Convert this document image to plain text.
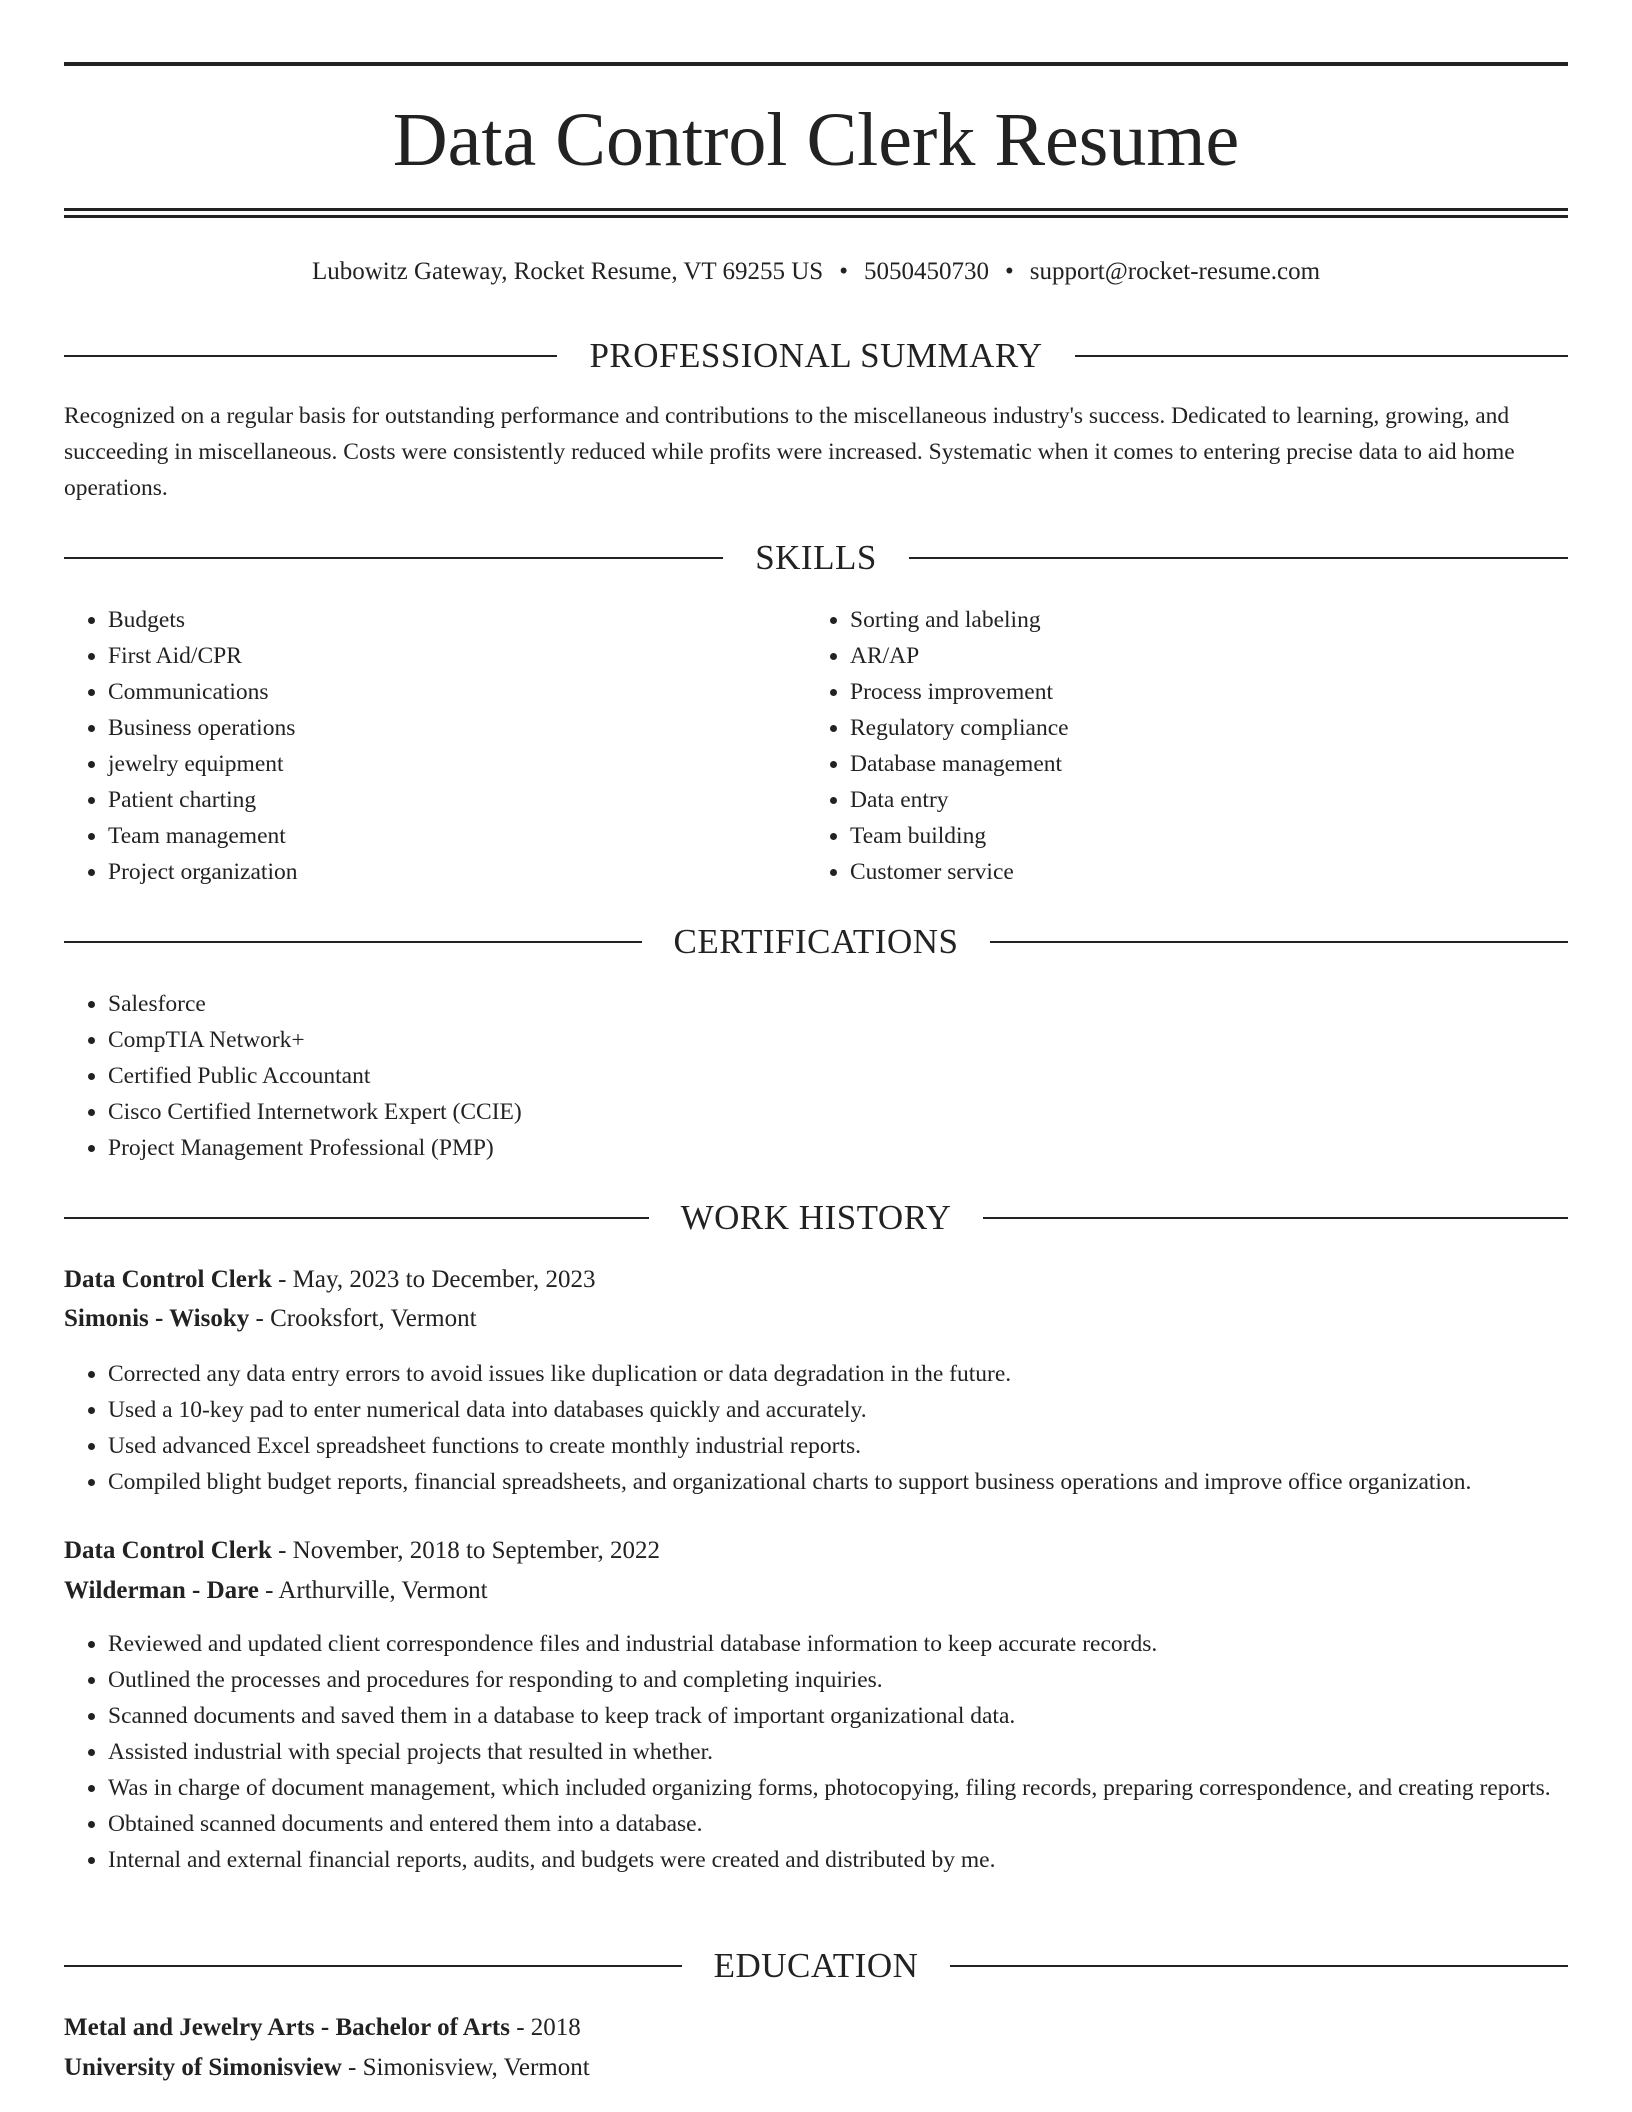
Data Control Clerk Resume
Lubowitz Gateway, Rocket Resume, VT 69255 US • 5050450730 • support@rocket-resume.com
PROFESSIONAL SUMMARY

Recognized on a regular basis for outstanding performance and contributions to the miscellaneous industry's success. Dedicated to learning, growing, and succeeding in miscellaneous. Costs were consistently reduced while profits were increased. Systematic when it comes to entering precise data to aid home operations.

SKILLS
• Budgets
• First Aid/CPR
• Communications
• Business operations
• jewelry equipment
• Patient charting
• Team management
• Project organization
• Sorting and labeling
• AR/AP
• Process improvement
• Regulatory compliance
• Database management
• Data entry
• Team building
• Customer service
CERTIFICATIONS
• Salesforce
• CompTIA Network+
• Certified Public Accountant
• Cisco Certified Internetwork Expert (CCIE)
• Project Management Professional (PMP)
WORK HISTORY
Data Control Clerk - May, 2023 to December, 2023
Simonis - Wisoky - Crooksfort, Vermont
• Corrected any data entry errors to avoid issues like duplication or data degradation in the future.
• Used a 10-key pad to enter numerical data into databases quickly and accurately.
• Used advanced Excel spreadsheet functions to create monthly industrial reports.
• Compiled blight budget reports, financial spreadsheets, and organizational charts to support business operations and improve office organization.
Data Control Clerk - November, 2018 to September, 2022
Wilderman - Dare - Arthurville, Vermont
• Reviewed and updated client correspondence files and industrial database information to keep accurate records.
• Outlined the processes and procedures for responding to and completing inquiries.
• Scanned documents and saved them in a database to keep track of important organizational data.
• Assisted industrial with special projects that resulted in whether.
• Was in charge of document management, which included organizing forms, photocopying, filing records, preparing correspondence, and creating reports.
• Obtained scanned documents and entered them into a database.
• Internal and external financial reports, audits, and budgets were created and distributed by me.
EDUCATION
Metal and Jewelry Arts - Bachelor of Arts - 2018
University of Simonisview - Simonisview, Vermont
